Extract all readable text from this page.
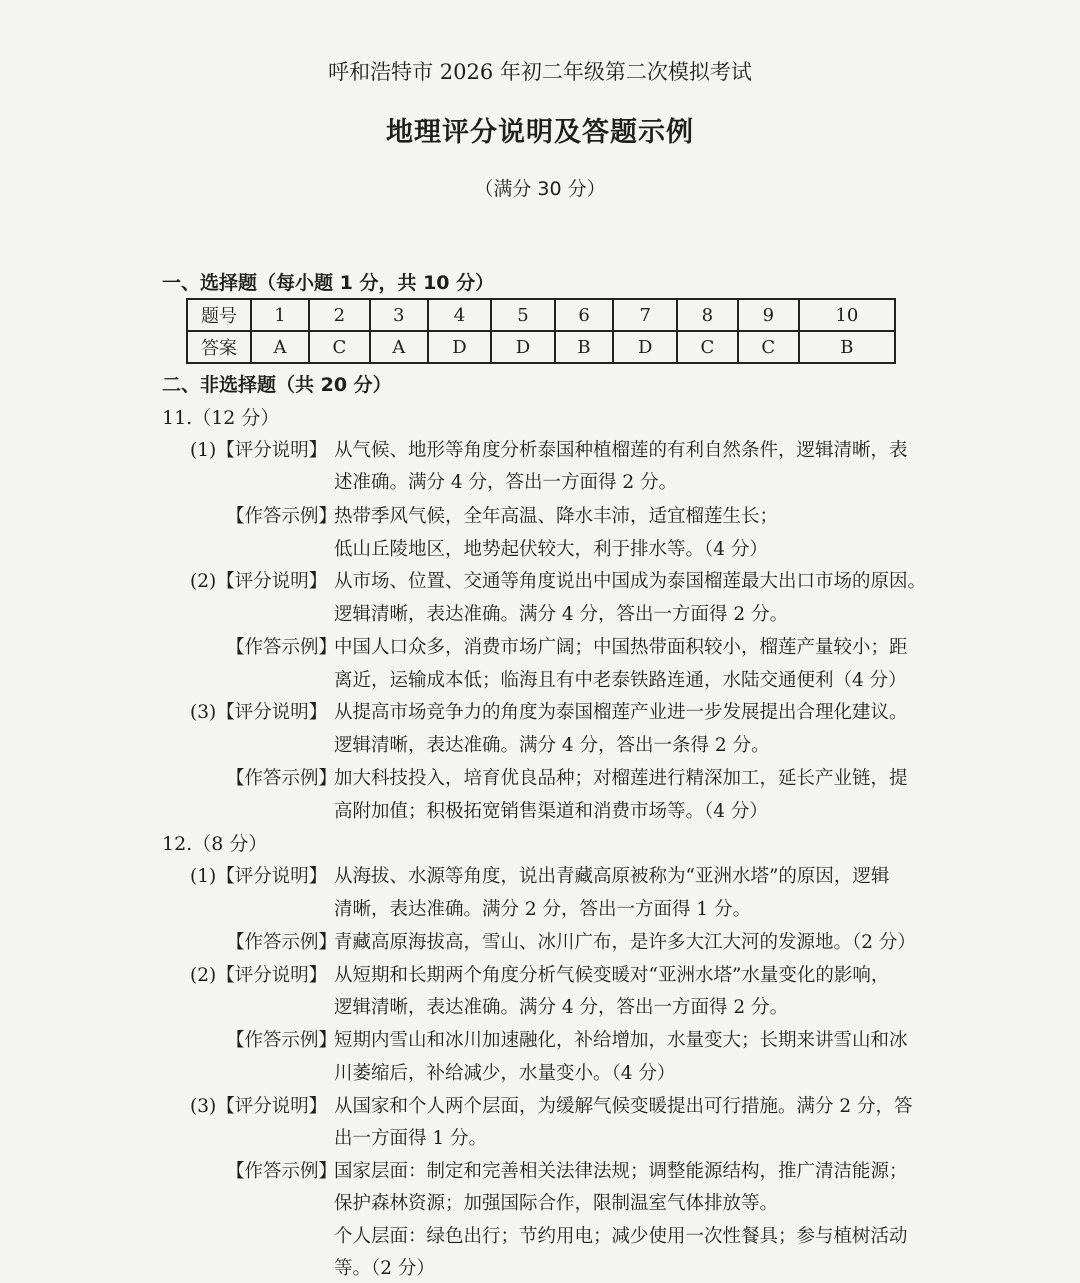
呼和浩特市 2026 年初二年级第二次模拟考试
地理评分说明及答题示例
（满分 30 分）
一、选择题（每小题 1 分，共 10 分）
题号	1	2	3	4	5	6	7	8	9	10
答案	A	C	A	D	D	B	D	C	C	B
二、非选择题（共 20 分）
11.（12 分）
(1)【评分说明】 从气候、地形等角度分析泰国种植榴莲的有利自然条件，逻辑清晰，表
述准确。满分 4 分，答出一方面得 2 分。
【作答示例】
热带季风气候，全年高温、降水丰沛，适宜榴莲生长；
低山丘陵地区，地势起伏较大，利于排水等。（4 分）
(2)【评分说明】 从市场、位置、交通等角度说出中国成为泰国榴莲最大出口市场的原因。
逻辑清晰，表达准确。满分 4 分，答出一方面得 2 分。
【作答示例】
中国人口众多，消费市场广阔；中国热带面积较小，榴莲产量较小；距
离近，运输成本低；临海且有中老泰铁路连通，水陆交通便利（4 分）
(3)【评分说明】 从提高市场竞争力的角度为泰国榴莲产业进一步发展提出合理化建议。
逻辑清晰，表达准确。满分 4 分，答出一条得 2 分。
【作答示例】
加大科技投入，培育优良品种；对榴莲进行精深加工，延长产业链，提
高附加值；积极拓宽销售渠道和消费市场等。（4 分）
12.（8 分）
(1)【评分说明】 从海拔、水源等角度，说出青藏高原被称为“亚洲水塔”的原因，逻辑
清晰，表达准确。满分 2 分，答出一方面得 1 分。
【作答示例】
青藏高原海拔高，雪山、冰川广布，是许多大江大河的发源地。（2 分）
(2)【评分说明】 从短期和长期两个角度分析气候变暖对“亚洲水塔”水量变化的影响，
逻辑清晰，表达准确。满分 4 分，答出一方面得 2 分。
【作答示例】
短期内雪山和冰川加速融化，补给增加，水量变大；长期来讲雪山和冰
川萎缩后，补给减少，水量变小。（4 分）
(3)【评分说明】 从国家和个人两个层面，为缓解气候变暖提出可行措施。满分 2 分，答
出一方面得 1 分。
【作答示例】
国家层面：制定和完善相关法律法规；调整能源结构，推广清洁能源；
保护森林资源；加强国际合作，限制温室气体排放等。
个人层面：绿色出行；节约用电；减少使用一次性餐具；参与植树活动
等。（2 分）
